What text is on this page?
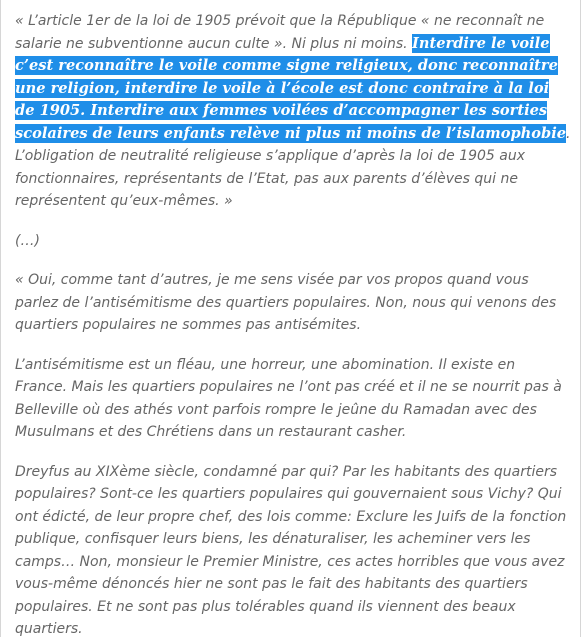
« L’article 1er de la loi de 1905 prévoit que la République « ne reconnaît ne salarie ne subventionne aucun culte ». Ni plus ni moins. Interdire le voile c’est reconnaître le voile comme signe religieux, donc reconnaître une religion, interdire le voile à l’école est donc contraire à la loi de 1905. Interdire aux femmes voilées d’accompagner les sorties scolaires de leurs enfants relève ni plus ni moins de l’islamophobie. L’obligation de neutralité religieuse s’applique d’après la loi de 1905 aux fonctionnaires, représentants de l’Etat, pas aux parents d’élèves qui ne représentent qu’eux-mêmes. »

(…)

« Oui, comme tant d’autres, je me sens visée par vos propos quand vous parlez de l’antisémitisme des quartiers populaires. Non, nous qui venons des quartiers populaires ne sommes pas antisémites.

L’antisémitisme est un fléau, une horreur, une abomination. Il existe en France. Mais les quartiers populaires ne l’ont pas créé et il ne se nourrit pas à Belleville où des athés vont parfois rompre le jeûne du Ramadan avec des Musulmans et des Chrétiens dans un restaurant casher.

Dreyfus au XIXème siècle, condamné par qui? Par les habitants des quartiers populaires? Sont-ce les quartiers populaires qui gouvernaient sous Vichy? Qui ont édicté, de leur propre chef, des lois comme: Exclure les Juifs de la fonction publique, confisquer leurs biens, les dénaturaliser, les acheminer vers les camps… Non, monsieur le Premier Ministre, ces actes horribles que vous avez vous-même dénoncés hier ne sont pas le fait des habitants des quartiers populaires. Et ne sont pas plus tolérables quand ils viennent des beaux quartiers.
